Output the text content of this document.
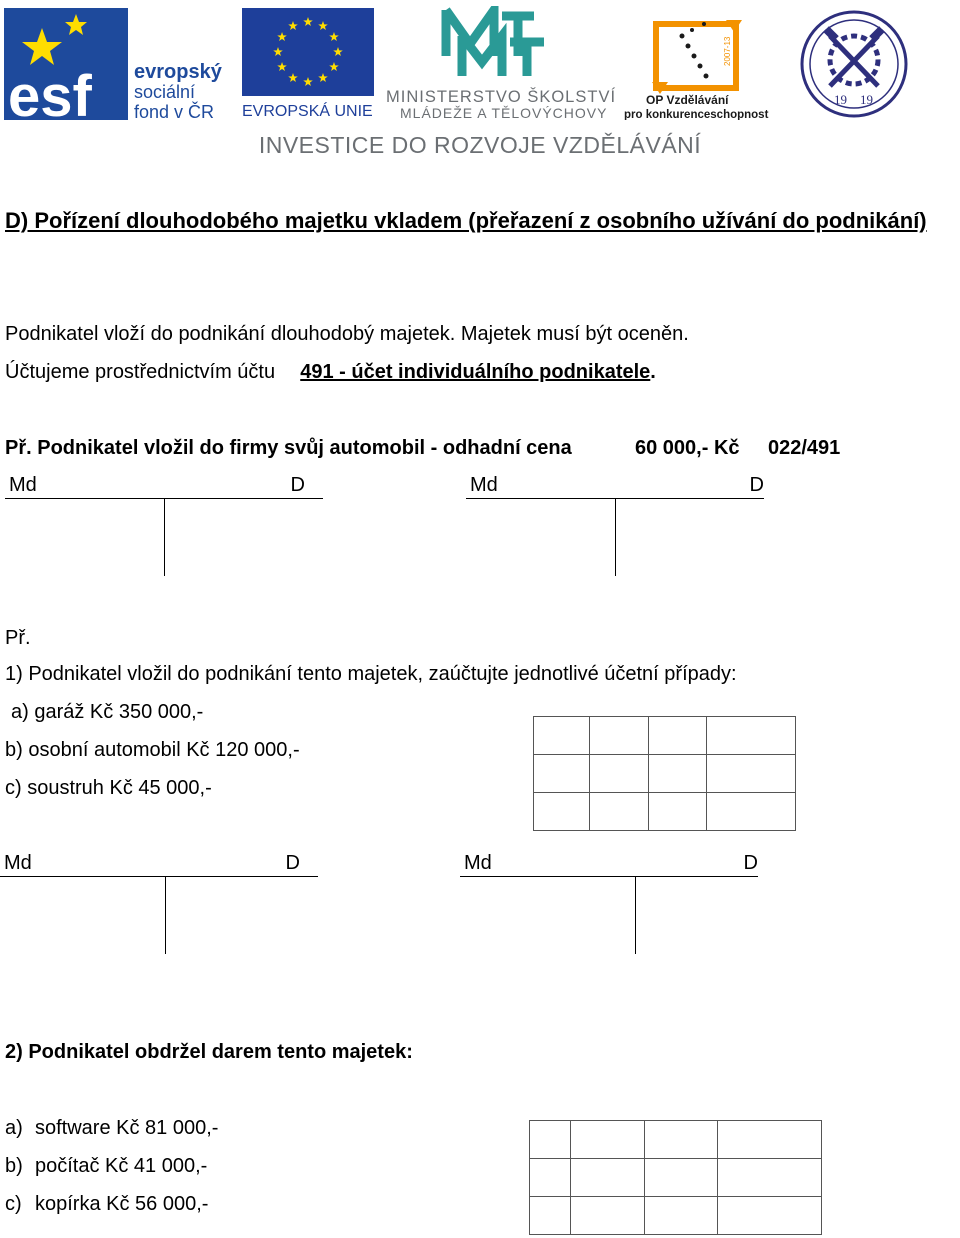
esf evropský
sociální
fond v ČR EVROPSKÁ UNIE
MINISTERSTVO ŠKOLSTVÍ,
MLÁDEŽE A TĚLOVÝCHOVY
2007-13
OP Vzdělávání
pro konkurenceschopnost
19 19
INVESTICE DO ROZVOJE VZDĚLÁVÁNÍ
D) Pořízení dlouhodobého majetku vkladem (přeřazení z osobního užívání do podnikání)
Podnikatel vloží do podnikání dlouhodobý majetek. Majetek musí být oceněn.
Účtujeme prostřednictvím účtu 491 - účet individuálního podnikatele.
Př. Podnikatel vložil do firmy svůj automobil - odhadní cena	60 000,- Kč 022/491
Md	D	Md	D
Př.
1) Podnikatel vložil do podnikání tento majetek, zaúčtujte jednotlivé účetní případy:
a) garáž Kč 350 000,-
b) osobní automobil Kč 120 000,-
c) soustruh Kč 45 000,-

Md	D	Md	D
2) Podnikatel obdržel darem tento majetek:
a) software Kč 81 000,-
b) počítač Kč 41 000,-
c) kopírka Kč 56 000,-
